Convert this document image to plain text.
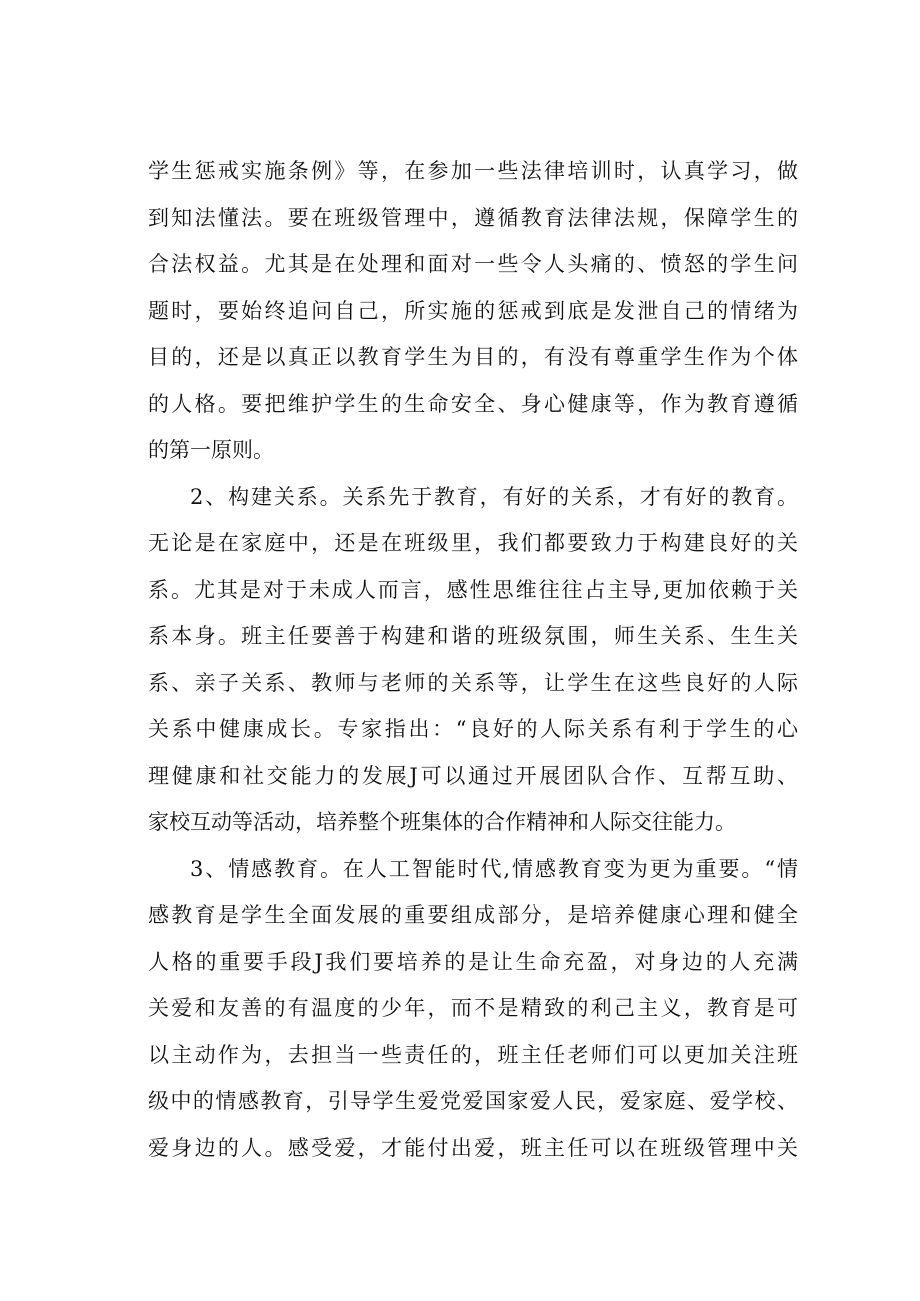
学生惩戒实施条例》等，在参加一些法律培训时，认真学习，做
到知法懂法。要在班级管理中，遵循教育法律法规，保障学生的
合法权益。尤其是在处理和面对一些令人头痛的、愤怒的学生问
题时，要始终追问自己，所实施的惩戒到底是发泄自己的情绪为
目的，还是以真正以教育学生为目的，有没有尊重学生作为个体
的人格。要把维护学生的生命安全、身心健康等，作为教育遵循
的第一原则。
2、构建关系。关系先于教育，有好的关系，才有好的教育。
无论是在家庭中，还是在班级里，我们都要致力于构建良好的关
系。尤其是对于未成人而言，感性思维往往占主导,更加依赖于关
系本身。班主任要善于构建和谐的班级氛围，师生关系、生生关
系、亲子关系、教师与老师的关系等，让学生在这些良好的人际
关系中健康成长。专家指出：“良好的人际关系有利于学生的心
理健康和社交能力的发展J可以通过开展团队合作、互帮互助、
家校互动等活动，培养整个班集体的合作精神和人际交往能力。
3、情感教育。在人工智能时代,情感教育变为更为重要。“情
感教育是学生全面发展的重要组成部分，是培养健康心理和健全
人格的重要手段J我们要培养的是让生命充盈，对身边的人充满
关爱和友善的有温度的少年，而不是精致的利己主义，教育是可
以主动作为，去担当一些责任的，班主任老师们可以更加关注班
级中的情感教育，引导学生爱党爱国家爱人民，爱家庭、爱学校、
爱身边的人。感受爱，才能付出爱，班主任可以在班级管理中关
